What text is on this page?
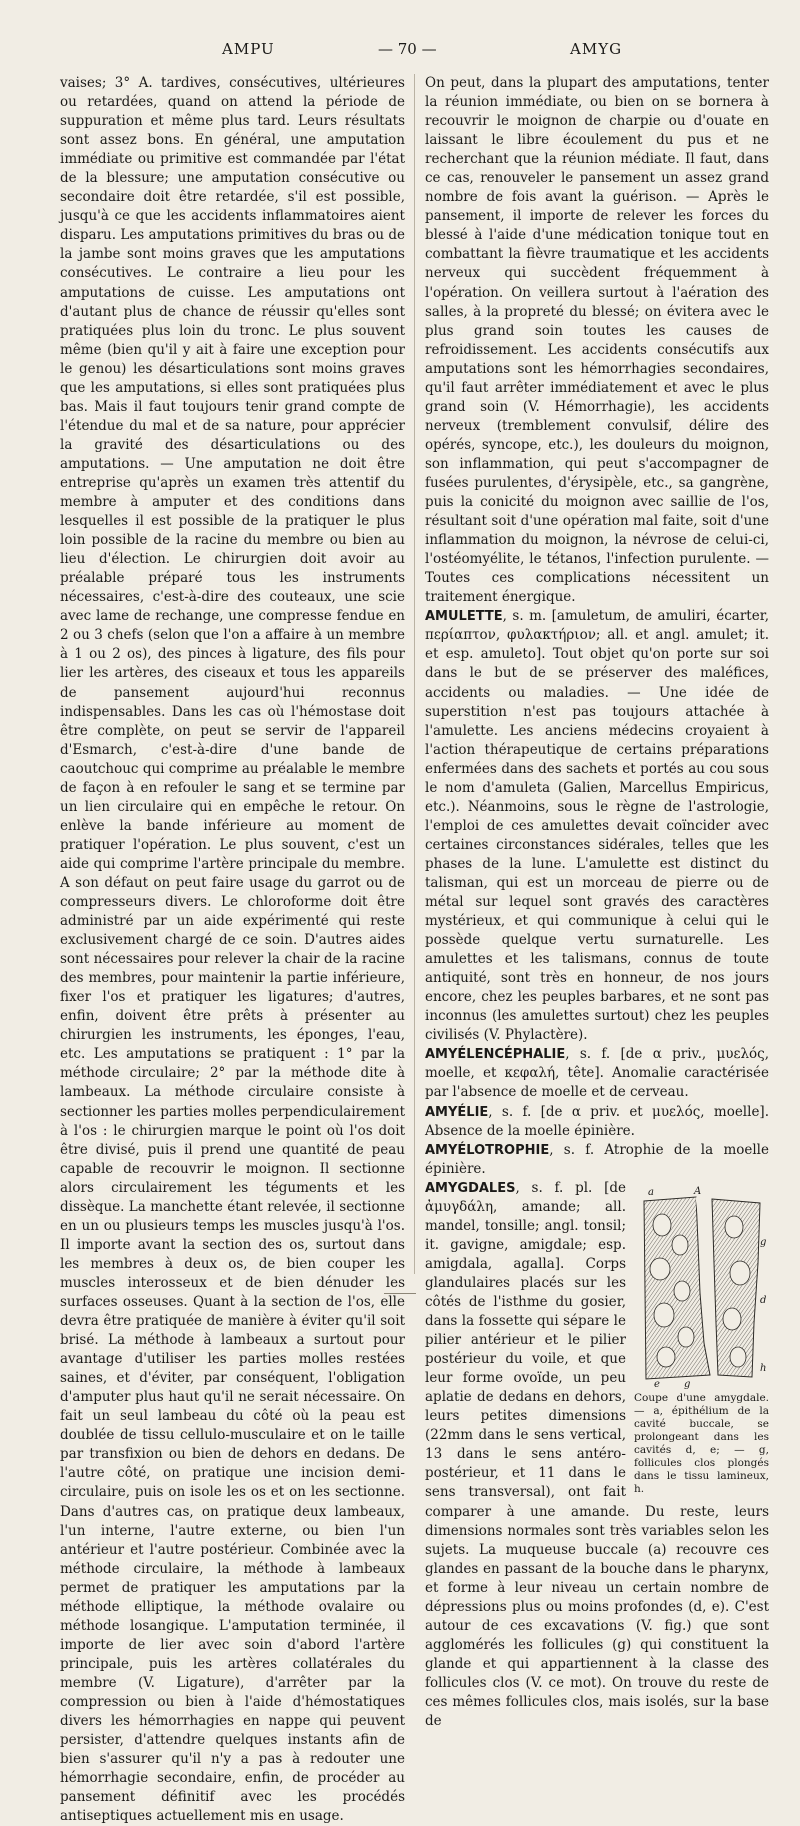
AMPU	— 70 —	AMYG

vaises; 3° A. tardives, consécutives, ultérieures ou retardées, quand on attend la période de suppuration et même plus tard. Leurs résultats sont assez bons. En général, une amputation immédiate ou primitive est commandée par l'état de la blessure; une amputation consécutive ou secondaire doit être retardée, s'il est possible, jusqu'à ce que les accidents inflammatoires aient disparu. Les amputations primitives du bras ou de la jambe sont moins graves que les amputations consécutives. Le contraire a lieu pour les amputations de cuisse. Les amputations ont d'autant plus de chance de réussir qu'elles sont pratiquées plus loin du tronc. Le plus souvent même (bien qu'il y ait à faire une exception pour le genou) les désarticulations sont moins graves que les amputations, si elles sont pratiquées plus bas. Mais il faut toujours tenir grand compte de l'étendue du mal et de sa nature, pour apprécier la gravité des désarticulations ou des amputations. — Une amputation ne doit être entreprise qu'après un examen très attentif du membre à amputer et des conditions dans lesquelles il est possible de la pratiquer le plus loin possible de la racine du membre ou bien au lieu d'élection. Le chirurgien doit avoir au préalable préparé tous les instruments nécessaires, c'est-à-dire des couteaux, une scie avec lame de rechange, une compresse fendue en 2 ou 3 chefs (selon que l'on a affaire à un membre à 1 ou 2 os), des pinces à ligature, des fils pour lier les artères, des ciseaux et tous les appareils de pansement aujourd'hui reconnus indispensables. Dans les cas où l'hémostase doit être complète, on peut se servir de l'appareil d'Esmarch, c'est-à-dire d'une bande de caoutchouc qui comprime au préalable le membre de façon à en refouler le sang et se termine par un lien circulaire qui en empêche le retour. On enlève la bande inférieure au moment de pratiquer l'opération. Le plus souvent, c'est un aide qui comprime l'artère principale du membre. A son défaut on peut faire usage du garrot ou de compresseurs divers. Le chloroforme doit être administré par un aide expérimenté qui reste exclusivement chargé de ce soin. D'autres aides sont nécessaires pour relever la chair de la racine des membres, pour maintenir la partie inférieure, fixer l'os et pratiquer les ligatures; d'autres, enfin, doivent être prêts à présenter au chirurgien les instruments, les éponges, l'eau, etc. Les amputations se pratiquent : 1° par la méthode circulaire; 2° par la méthode dite à lambeaux. La méthode circulaire consiste à sectionner les parties molles perpendiculairement à l'os : le chirurgien marque le point où l'os doit être divisé, puis il prend une quantité de peau capable de recouvrir le moignon. Il sectionne alors circulairement les téguments et les dissèque. La manchette étant relevée, il sectionne en un ou plusieurs temps les muscles jusqu'à l'os. Il importe avant la section des os, surtout dans les membres à deux os, de bien couper les muscles interosseux et de bien dénuder les surfaces osseuses. Quant à la section de l'os, elle devra être pratiquée de manière à éviter qu'il soit brisé. La méthode à lambeaux a surtout pour avantage d'utiliser les parties molles restées saines, et d'éviter, par conséquent, l'obligation d'amputer plus haut qu'il ne serait nécessaire. On fait un seul lambeau du côté où la peau est doublée de tissu cellulo-musculaire et on le taille par transfixion ou bien de dehors en dedans. De l'autre côté, on pratique une incision demi-circulaire, puis on isole les os et on les sectionne. Dans d'autres cas, on pratique deux lambeaux, l'un interne, l'autre externe, ou bien l'un antérieur et l'autre postérieur. Combinée avec la méthode circulaire, la méthode à lambeaux permet de pratiquer les amputations par la méthode elliptique, la méthode ovalaire ou méthode losangique. L'amputation terminée, il importe de lier avec soin d'abord l'artère principale, puis les artères collatérales du membre (V. Ligature), d'arrêter par la compression ou bien à l'aide d'hémostatiques divers les hémorrhagies en nappe qui peuvent persister, d'attendre quelques instants afin de bien s'assurer qu'il n'y a pas à redouter une hémorrhagie secondaire, enfin, de procéder au pansement définitif avec les procédés antiseptiques actuellement mis en usage.

On peut, dans la plupart des amputations, tenter la réunion immédiate, ou bien on se bornera à recouvrir le moignon de charpie ou d'ouate en laissant le libre écoulement du pus et ne recherchant que la réunion médiate. Il faut, dans ce cas, renouveler le pansement un assez grand nombre de fois avant la guérison. — Après le pansement, il importe de relever les forces du blessé à l'aide d'une médication tonique tout en combattant la fièvre traumatique et les accidents nerveux qui succèdent fréquemment à l'opération. On veillera surtout à l'aération des salles, à la propreté du blessé; on évitera avec le plus grand soin toutes les causes de refroidissement. Les accidents consécutifs aux amputations sont les hémorrhagies secondaires, qu'il faut arrêter immédiatement et avec le plus grand soin (V. Hémorrhagie), les accidents nerveux (tremblement convulsif, délire des opérés, syncope, etc.), les douleurs du moignon, son inflammation, qui peut s'accompagner de fusées purulentes, d'érysipèle, etc., sa gangrène, puis la conicité du moignon avec saillie de l'os, résultant soit d'une opération mal faite, soit d'une inflammation du moignon, la névrose de celui-ci, l'ostéomyélite, le tétanos, l'infection purulente. — Toutes ces complications nécessitent un traitement énergique.

AMULETTE, s. m. [amuletum, de amuliri, écarter, περίαπτον, φυλακτήριον; all. et angl. amulet; it. et esp. amuleto]. Tout objet qu'on porte sur soi dans le but de se préserver des maléfices, accidents ou maladies. — Une idée de superstition n'est pas toujours attachée à l'amulette. Les anciens médecins croyaient à l'action thérapeutique de certains préparations enfermées dans des sachets et portés au cou sous le nom d'amuleta (Galien, Marcellus Empiricus, etc.). Néanmoins, sous le règne de l'astrologie, l'emploi de ces amulettes devait coïncider avec certaines circonstances sidérales, telles que les phases de la lune. L'amulette est distinct du talisman, qui est un morceau de pierre ou de métal sur lequel sont gravés des caractères mystérieux, et qui communique à celui qui le possède quelque vertu surnaturelle. Les amulettes et les talismans, connus de toute antiquité, sont très en honneur, de nos jours encore, chez les peuples barbares, et ne sont pas inconnus (les amulettes surtout) chez les peuples civilisés (V. Phylactère).

AMYÉLENCÉPHALIE, s. f. [de α priv., μυελός, moelle, et κεφαλή, tête]. Anomalie caractérisée par l'absence de moelle et de cerveau.

AMYÉLIE, s. f. [de α priv. et μυελός, moelle]. Absence de la moelle épinière.

AMYÉLOTROPHIE, s. f. Atrophie de la moelle épinière.

AMYGDALES	a	A
g
d
e g
h
Coupe d'une amygdale. — a, épithélium de la cavité buccale, se prolongeant dans les cavités d, e; — g, follicules clos plongés dans le tissu lamineux, h.
, s. f. pl. [de ἀμυγδάλη, amande; all. mandel, tonsille; angl. tonsil; it. gavigne, amigdale; esp. amigdala, agalla]. Corps glandulaires placés sur les côtés de l'isthme du gosier, dans la fossette qui sépare le pilier antérieur et le pilier postérieur du voile, et que leur forme ovoïde, un peu aplatie de dedans en dehors, leurs petites dimensions (22mm dans le sens vertical, 13 dans le sens antéro-postérieur, et 11 dans le sens transversal), ont fait comparer à une amande. Du reste, leurs dimensions normales sont très variables selon les sujets. La muqueuse buccale (a) recouvre ces glandes en passant de la bouche dans le pharynx, et forme à leur niveau un certain nombre de dépressions plus ou moins profondes (d, e). C'est autour de ces excavations (V. fig.) que sont agglomérés les follicules (g) qui constituent la glande et qui appartiennent à la classe des follicules clos (V. ce mot). On trouve du reste de ces mêmes follicules clos, mais isolés, sur la base de
